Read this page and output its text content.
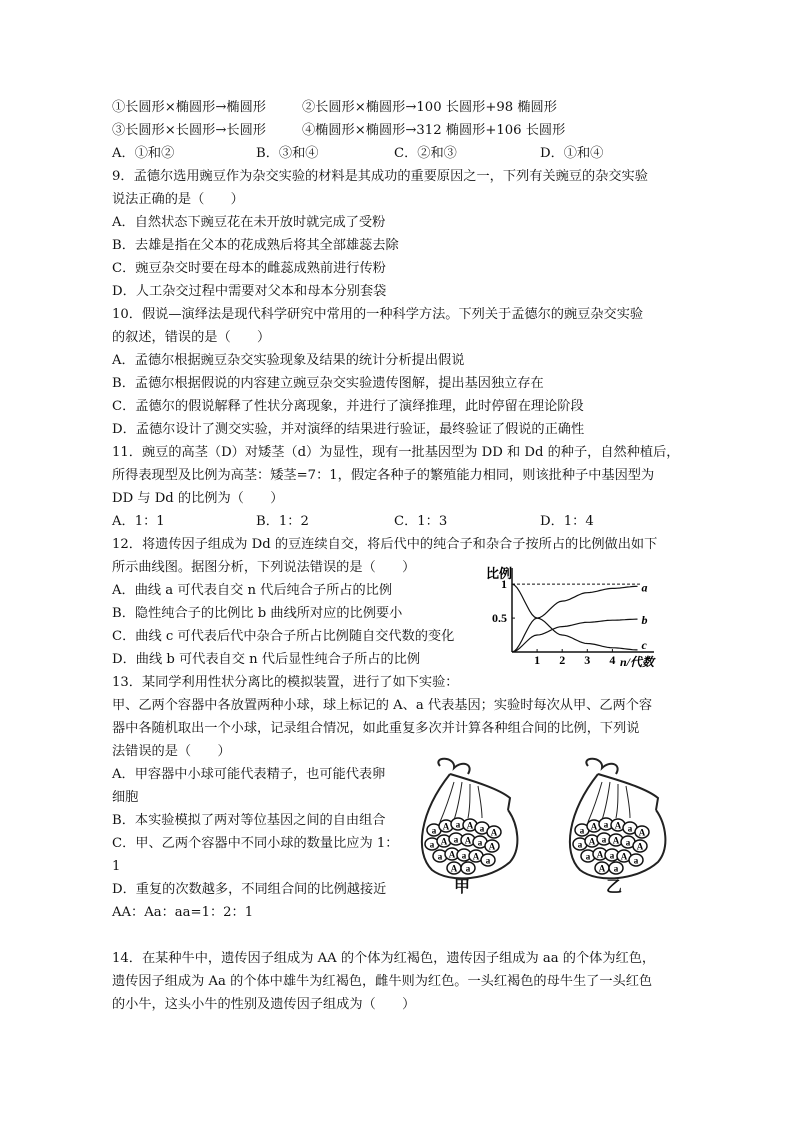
①长圆形×椭圆形→椭圆形	②长圆形×椭圆形→100 长圆形+98 椭圆形
③长圆形×长圆形→长圆形	④椭圆形×椭圆形→312 椭圆形+106 长圆形
A．①和②	B．③和④	C．②和③	D．①和④
9．孟德尔选用豌豆作为杂交实验的材料是其成功的重要原因之一，下列有关豌豆的杂交实验
说法正确的是（　　）
A．自然状态下豌豆花在未开放时就完成了受粉
B．去雄是指在父本的花成熟后将其全部雄蕊去除
C．豌豆杂交时要在母本的雌蕊成熟前进行传粉
D．人工杂交过程中需要对父本和母本分别套袋
10．假说—演绎法是现代科学研究中常用的一种科学方法。下列关于孟德尔的豌豆杂交实验
的叙述，错误的是（　　）
A．孟德尔根据豌豆杂交实验现象及结果的统计分析提出假说
B．孟德尔根据假说的内容建立豌豆杂交实验遗传图解，提出基因独立存在
C．孟德尔的假说解释了性状分离现象，并进行了演绎推理，此时停留在理论阶段
D．孟德尔设计了测交实验，并对演绎的结果进行验证，最终验证了假说的正确性
11．豌豆的高茎（D）对矮茎（d）为显性，现有一批基因型为 DD 和 Dd 的种子，自然种植后，
所得表现型及比例为高茎：矮茎=7：1，假定各种子的繁殖能力相同，则该批种子中基因型为
DD 与 Dd 的比例为（　　）
A．1：1	B．1：2	C．1：3	D．1：4
12．将遗传因子组成为 Dd 的豆连续自交，将后代中的纯合子和杂合子按所占的比例做出如下
所示曲线图。据图分析，下列说法错误的是（　　）
A．曲线 a 可代表自交 n 代后纯合子所占的比例
B．隐性纯合子的比例比 b 曲线所对应的比例要小
C．曲线 c 可代表后代中杂合子所占比例随自交代数的变化
D．曲线 b 可代表自交 n 代后显性纯合子所占的比例
比例
n/代数
1
0.5
1 2 3 4
a
b
c
13．某同学利用性状分离比的模拟装置，进行了如下实验：
甲、乙两个容器中各放置两种小球，球上标记的 A、a 代表基因；实验时每次从甲、乙两个容
器中各随机取出一个小球，记录组合情况，如此重复多次并计算各种组合间的比例，下列说
法错误的是（　　）
A．甲容器中小球可能代表精子，也可能代表卵
细胞
B．本实验模拟了两对等位基因之间的自由组合
C．甲、乙两个容器中不同小球的数量比应为 1：
1
D．重复的次数越多，不同组合间的比例越接近
AA：Aa：aa=1：2：1
a A a A a A
a A a A a A
a A a A a
A a
甲
a A a A a A
a A a A a A
a A a A a
A a
乙
14．在某种牛中，遗传因子组成为 AA 的个体为红褐色，遗传因子组成为 aa 的个体为红色，
遗传因子组成为 Aa 的个体中雄牛为红褐色，雌牛则为红色。一头红褐色的母牛生了一头红色
的小牛，这头小牛的性别及遗传因子组成为（　　）
